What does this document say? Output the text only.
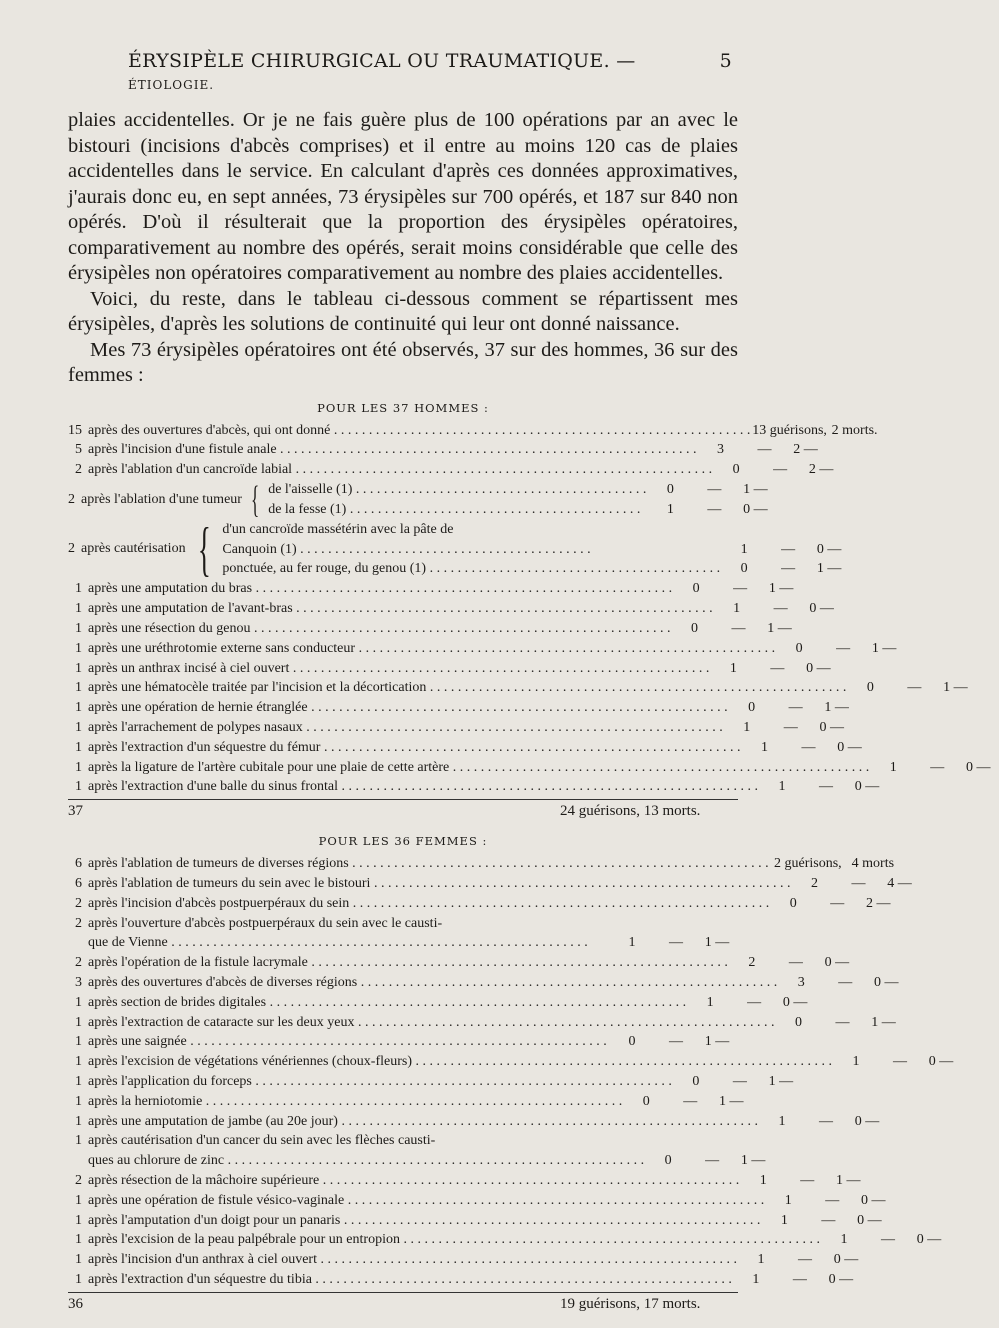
ÉRYSIPÈLE CHIRURGICAL OU TRAUMATIQUE. — ÉTIOLOGIE.
5

plaies accidentelles. Or je ne fais guère plus de 100 opérations par an avec le bistouri (incisions d'abcès comprises) et il entre au moins 120 cas de plaies accidentelles dans le service. En calculant d'après ces données approximatives, j'aurais donc eu, en sept années, 73 érysipèles sur 700 opérés, et 187 sur 840 non opérés. D'où il résulterait que la proportion des érysipèles opératoires, comparativement au nombre des opérés, serait moins considérable que celle des érysipèles non opératoires comparativement au nombre des plaies accidentelles.

Voici, du reste, dans le tableau ci-dessous comment se répartissent mes érysipèles, d'après les solutions de continuité qui leur ont donné naissance.

Mes 73 érysipèles opératoires ont été observés, 37 sur des hommes, 36 sur des femmes :

POUR LES 37 HOMMES :
15 après des ouvertures d'abcès, qui ont donné . . .	13 guérisons, 2 morts.
5 après l'incision d'une fistule anale . . .	3	—	2 —
2 après l'ablation d'un cancroïde labial . . .	0	—	2 —
2 après l'ablation d'une tumeur { de l'aisselle (1) . . .	0	—	1 —
de la fesse (1) . . .	1	—	0 —
2 après cautérisation { d'un cancroïde massétérin avec la pâte de
Canquoin (1) . . .	1	—	0 —
ponctuée, au fer rouge, du genou (1) . . .	0	—	1 —
1 après une amputation du bras . . .	0	—	1 —
1 après une amputation de l'avant-bras . . .	1	—	0 —
1 après une résection du genou . . .	0	—	1 —
1 après une uréthrotomie externe sans conducteur . . .	0	—	1 —
1 après un anthrax incisé à ciel ouvert . . .	1	—	0 —
1 après une hématocèle traitée par l'incision et la décortication . . .	0	—	1 —
1 après une opération de hernie étranglée . . .	0	—	1 —
1 après l'arrachement de polypes nasaux . . .	1	—	0 —
1 après l'extraction d'un séquestre du fémur . . .	1	—	0 —
1 après la ligature de l'artère cubitale pour une plaie de cette artère . . .	1	—	0 —
1 après l'extraction d'une balle du sinus frontal . . .	1	—	0 —
37	24 guérisons, 13 morts.
POUR LES 36 FEMMES :
6 après l'ablation de tumeurs de diverses régions . . .	2 guérisons, 4 morts
6 après l'ablation de tumeurs du sein avec le bistouri . . .	2	—	4 —
2 après l'incision d'abcès postpuerpéraux du sein . . .	0	—	2 —
2 après l'ouverture d'abcès postpuerpéraux du sein avec le causti-
que de Vienne . . .	1	—	1 —
2 après l'opération de la fistule lacrymale . . .	2	—	0 —
3 après des ouvertures d'abcès de diverses régions . . .	3	—	0 —
1 après section de brides digitales . . .	1	—	0 —
1 après l'extraction de cataracte sur les deux yeux . . .	0	—	1 —
1 après une saignée . . .	0	—	1 —
1 après l'excision de végétations vénériennes (choux-fleurs) . . .	1	—	0 —
1 après l'application du forceps . . .	0	—	1 —
1 après la herniotomie . . .	0	—	1 —
1 après une amputation de jambe (au 20e jour) . . .	1	—	0 —
1 après cautérisation d'un cancer du sein avec les flèches causti-
ques au chlorure de zinc . . .	0	—	1 —
2 après résection de la mâchoire supérieure . . .	1	—	1 —
1 après une opération de fistule vésico-vaginale . . .	1	—	0 —
1 après l'amputation d'un doigt pour un panaris . . .	1	—	0 —
1 après l'excision de la peau palpébrale pour un entropion . . .	1	—	0 —
1 après l'incision d'un anthrax à ciel ouvert . . .	1	—	0 —
1 après l'extraction d'un séquestre du tibia . . .	1	—	0 —
36	19 guérisons, 17 morts.
